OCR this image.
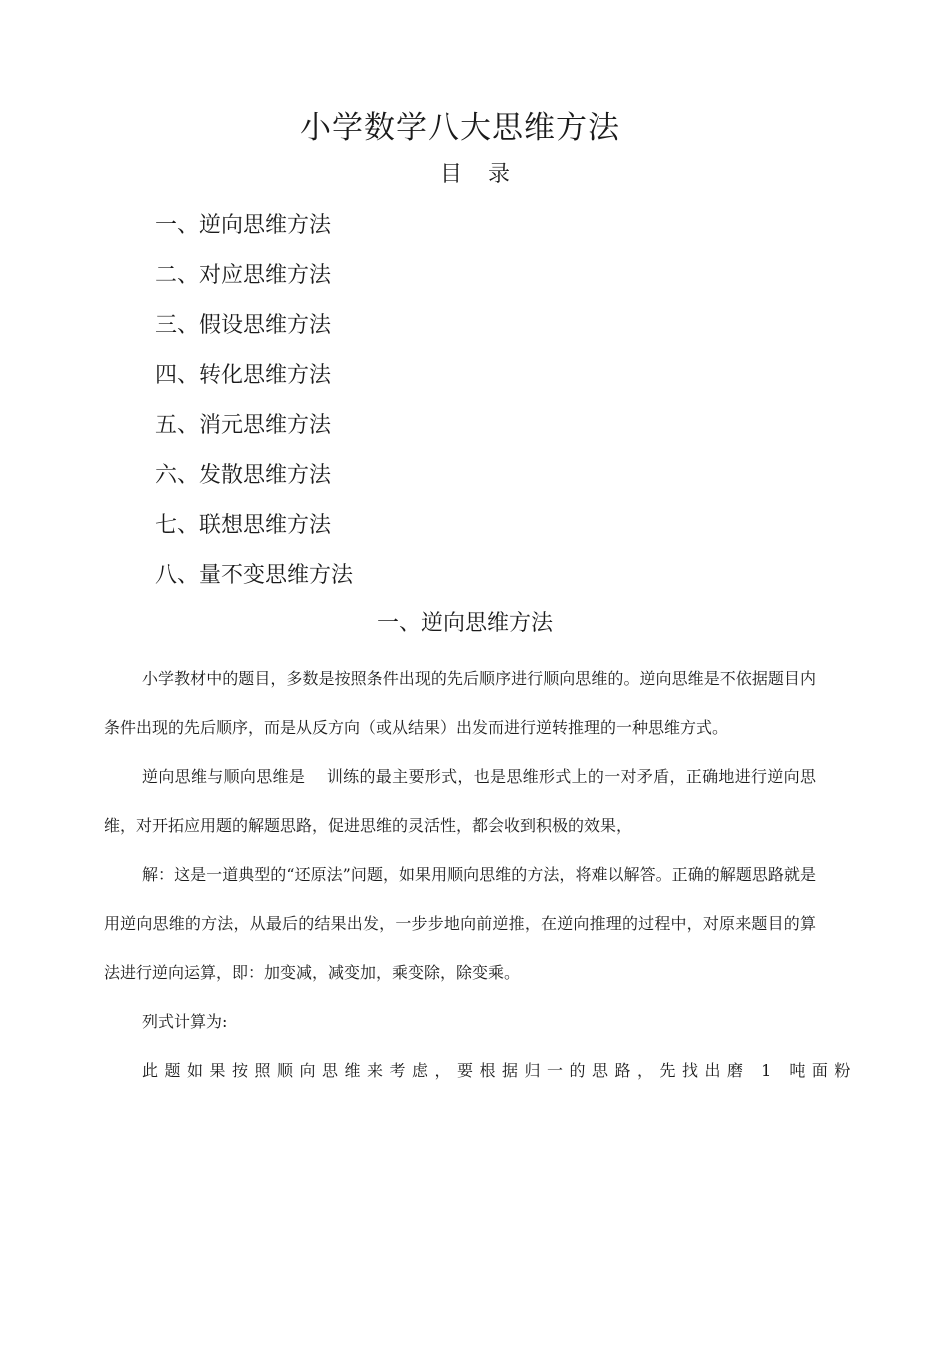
小学数学八大思维方法
目 录
一、逆向思维方法
二、对应思维方法
三、假设思维方法
四、转化思维方法
五、消元思维方法
六、发散思维方法
七、联想思维方法
八、量不变思维方法
一、逆向思维方法

小学教材中的题目，多数是按照条件出现的先后顺序进行顺向思维的。逆向思维是不依据题目内条件出现的先后顺序，而是从反方向（或从结果）出发而进行逆转推理的一种思维方式。

逆向思维与顺向思维是　 训练的最主要形式，也是思维形式上的一对矛盾，正确地进行逆向思维，对开拓应用题的解题思路，促进思维的灵活性，都会收到积极的效果，

解：这是一道典型的“还原法”问题，如果用顺向思维的方法，将难以解答。正确的解题思路就是用逆向思维的方法，从最后的结果出发，一步步地向前逆推，在逆向推理的过程中，对原来题目的算法进行逆向运算，即：加变减，减变加，乘变除，除变乘。

列式计算为:

此题如果按照顺向思维来考虑，要根据归一的思路，先找出磨 1 吨面粉
